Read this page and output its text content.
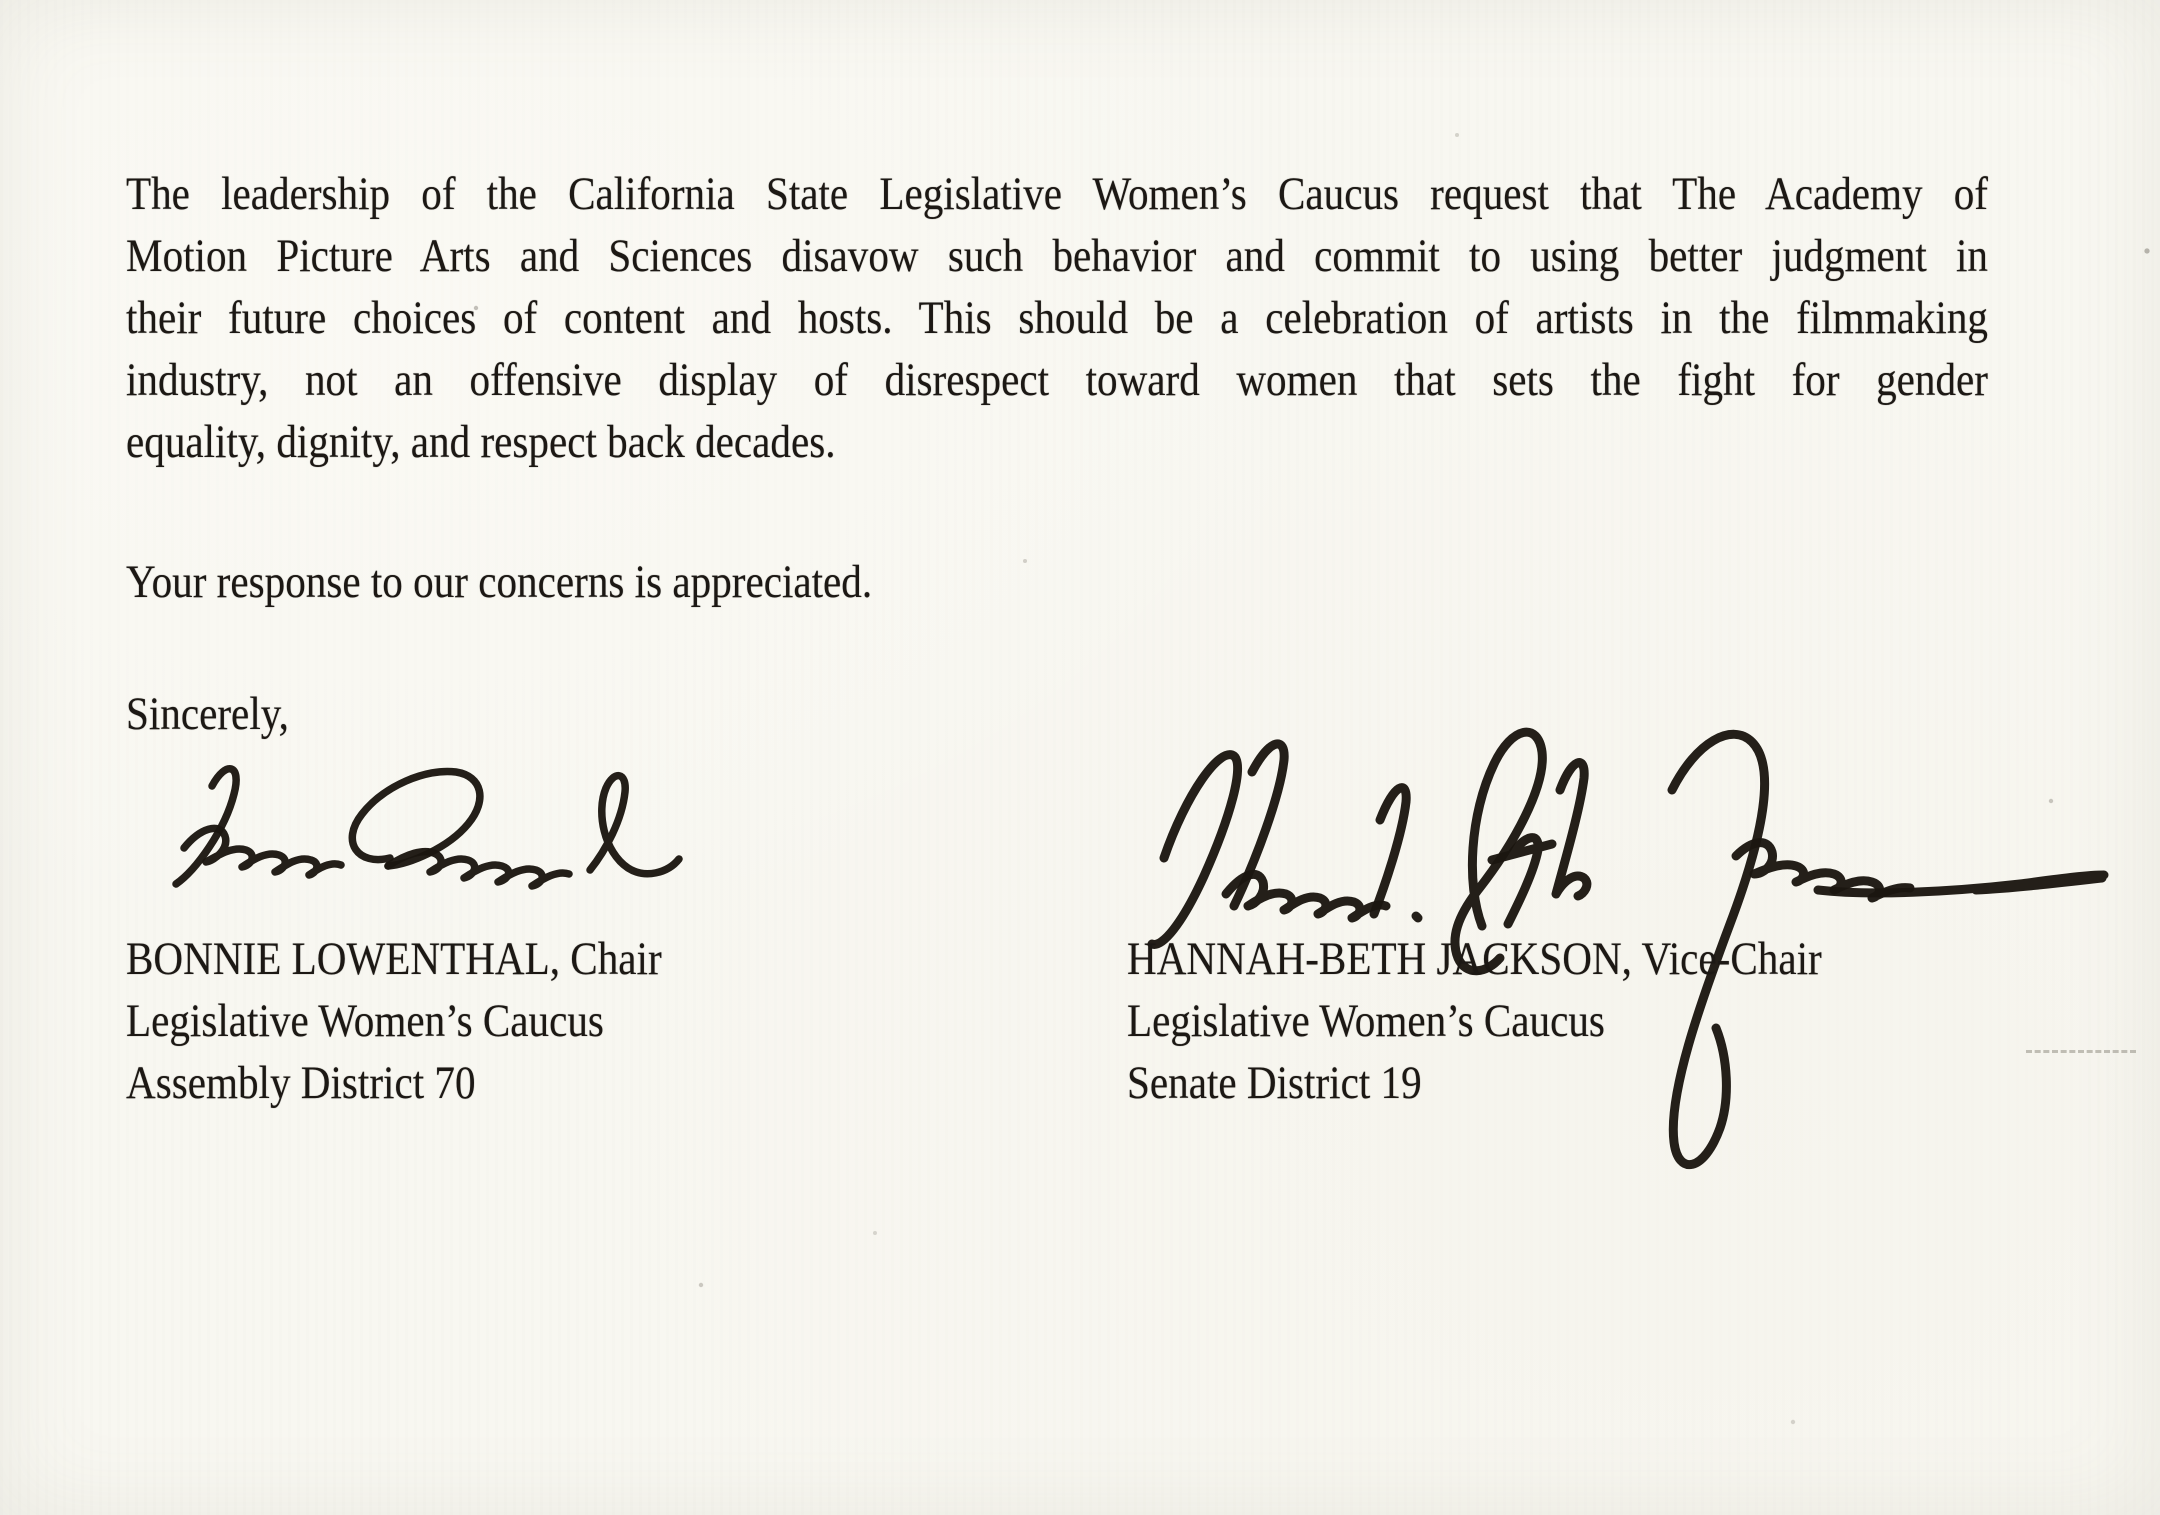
The leadership of the California State Legislative Women’s Caucus request that The Academy of
Motion Picture Arts and Sciences disavow such behavior and commit to using better judgment in
their future choices of content and hosts. This should be a celebration of artists in the filmmaking
industry, not an offensive display of disrespect toward women that sets the fight for gender
equality, dignity, and respect back decades.
Your response to our concerns is appreciated.
Sincerely,
BONNIE LOWENTHAL, Chair
Legislative Women’s Caucus
Assembly District 70
HANNAH-BETH JACKSON, Vice-Chair
Legislative Women’s Caucus
Senate District 19
